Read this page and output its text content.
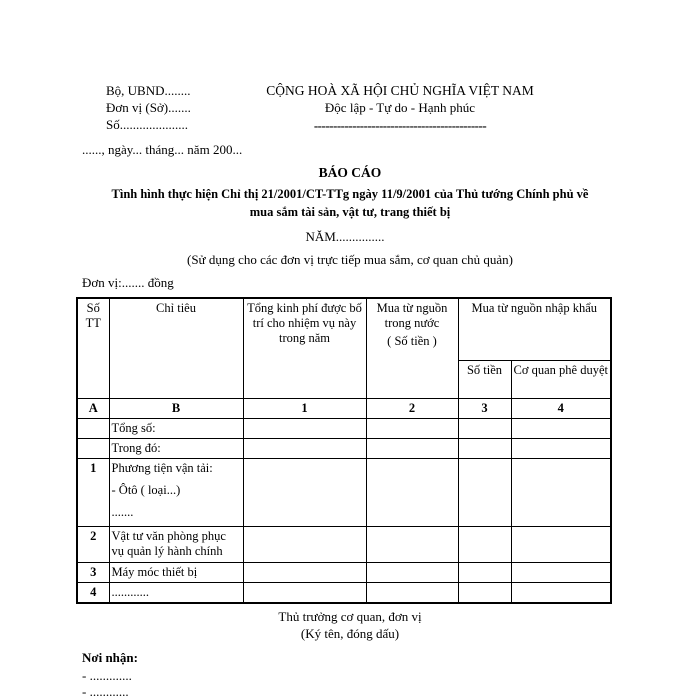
Bộ, UBND........
Đơn vị (Sở).......
Số.....................
CỘNG HOÀ XÃ HỘI CHỦ NGHĨA VIỆT NAM
Độc lập - Tự do - Hạnh phúc
---------------------------------------------
......, ngày... tháng... năm 200...
BÁO CÁO
Tình hình thực hiện Chỉ thị 21/2001/CT-TTg ngày 11/9/2001 của Thủ tướng Chính phủ về
mua sắm tài sản, vật tư, trang thiết bị
NĂM...............
(Sử dụng cho các đơn vị trực tiếp mua sắm, cơ quan chủ quản)
Đơn vị:....... đồng
Số TT	Chỉ tiêu	Tổng kinh phí được bố trí cho nhiệm vụ này trong năm	Mua từ nguồn trong nước
( Số tiền )	Mua từ nguồn nhập khẩu	
				Số tiền	Cơ quan phê duyệt
A	B	1	2	3	4
	Tổng số:				
	Trong đó:				
1	Phương tiện vận tải:
- Ôtô ( loại...)
.......				

2	Vật tư văn phòng phục
vụ quản lý hành chính				

3	Máy móc thiết bị				
4	............				
Thủ trưởng cơ quan, đơn vị
(Ký tên, đóng dấu)
Nơi nhận:
- .............
- ............
